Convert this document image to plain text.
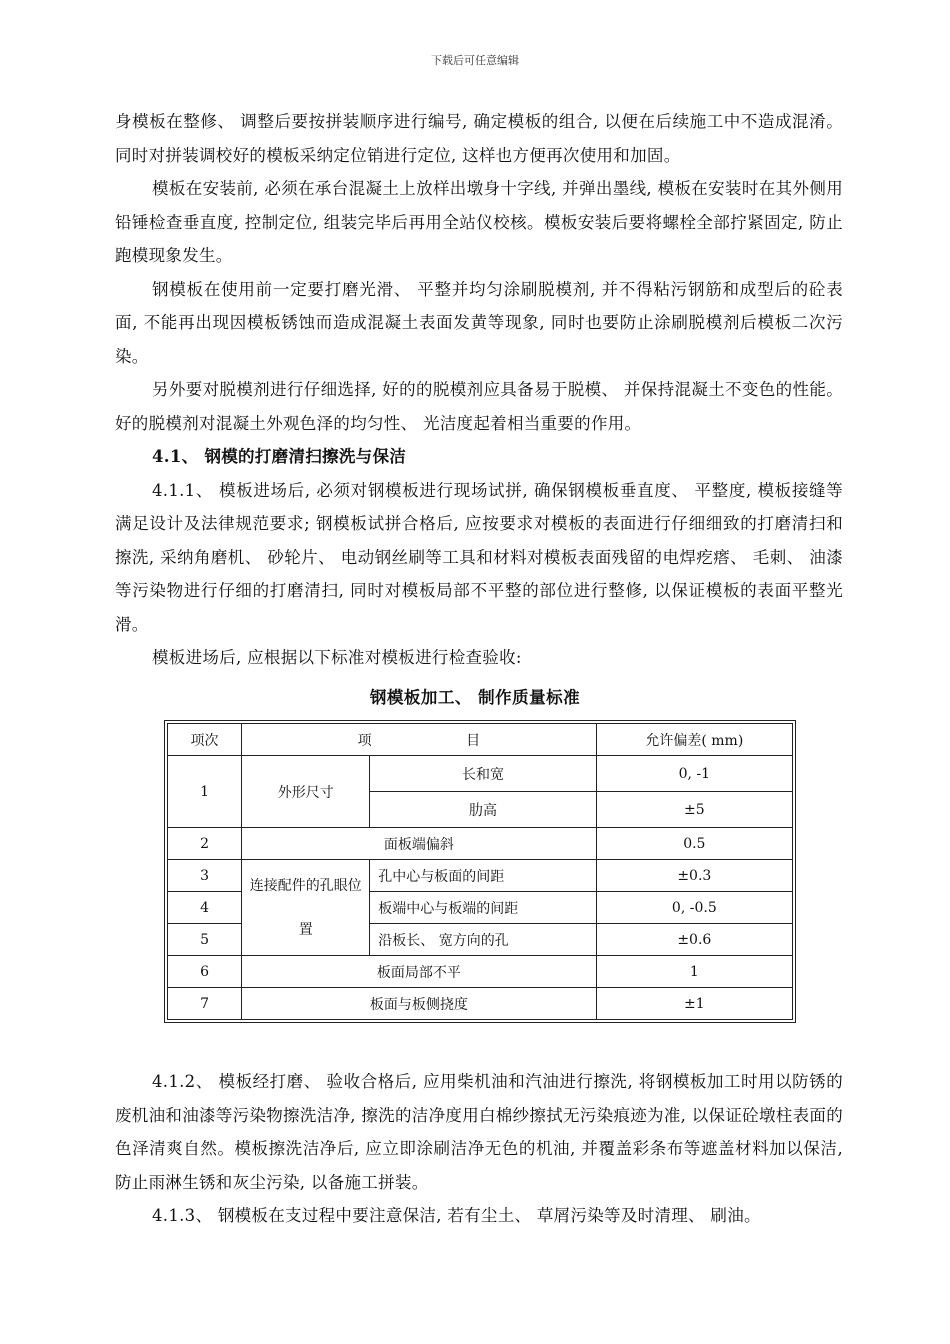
下载后可任意编辑

身模板在整修、 调整后要按拼装顺序进行编号, 确定模板的组合, 以便在后续施工中不造成混淆。同时对拼装调校好的模板采纳定位销进行定位, 这样也方便再次使用和加固。

模板在安装前, 必须在承台混凝土上放样出墩身十字线, 并弹出墨线, 模板在安装时在其外侧用铅锤检查垂直度, 控制定位, 组装完毕后再用全站仪校核。模板安装后要将螺栓全部拧紧固定, 防止跑模现象发生。

钢模板在使用前一定要打磨光滑、 平整并均匀涂刷脱模剂, 并不得粘污钢筋和成型后的砼表面, 不能再出现因模板锈蚀而造成混凝土表面发黄等现象, 同时也要防止涂刷脱模剂后模板二次污染。

另外要对脱模剂进行仔细选择, 好的的脱模剂应具备易于脱模、 并保持混凝土不变色的性能。好的脱模剂对混凝土外观色泽的均匀性、 光洁度起着相当重要的作用。

4.1、 钢模的打磨清扫擦洗与保洁

4.1.1、 模板进场后, 必须对钢模板进行现场试拼, 确保钢模板垂直度、 平整度, 模板接缝等满足设计及法律规范要求; 钢模板试拼合格后, 应按要求对模板的表面进行仔细细致的打磨清扫和擦洗, 采纳角磨机、 砂轮片、 电动钢丝刷等工具和材料对模板表面残留的电焊疙瘩、 毛刺、 油漆等污染物进行仔细的打磨清扫, 同时对模板局部不平整的部位进行整修, 以保证模板的表面平整光滑。

模板进场后, 应根据以下标准对模板进行检查验收:

钢模板加工、 制作质量标准
项次	项 目		允许偏差( mm)
1	外形尺寸	长和宽	0, -1
		肋高	±5
2	面板端偏斜		0.5
3	连接配件的孔眼位置	孔中心与板面的间距	±0.3
4		板端中心与板端的间距	0, -0.5
5		沿板长、 宽方向的孔	±0.6
6	板面局部不平		1
7	板面与板侧挠度		±1

4.1.2、 模板经打磨、 验收合格后, 应用柴机油和汽油进行擦洗, 将钢模板加工时用以防锈的废机油和油漆等污染物擦洗洁净, 擦洗的洁净度用白棉纱擦拭无污染痕迹为准, 以保证砼墩柱表面的色泽清爽自然。模板擦洗洁净后, 应立即涂刷洁净无色的机油, 并覆盖彩条布等遮盖材料加以保洁, 防止雨淋生锈和灰尘污染, 以备施工拼装。

4.1.3、 钢模板在支过程中要注意保洁, 若有尘土、 草屑污染等及时清理、 刷油。
